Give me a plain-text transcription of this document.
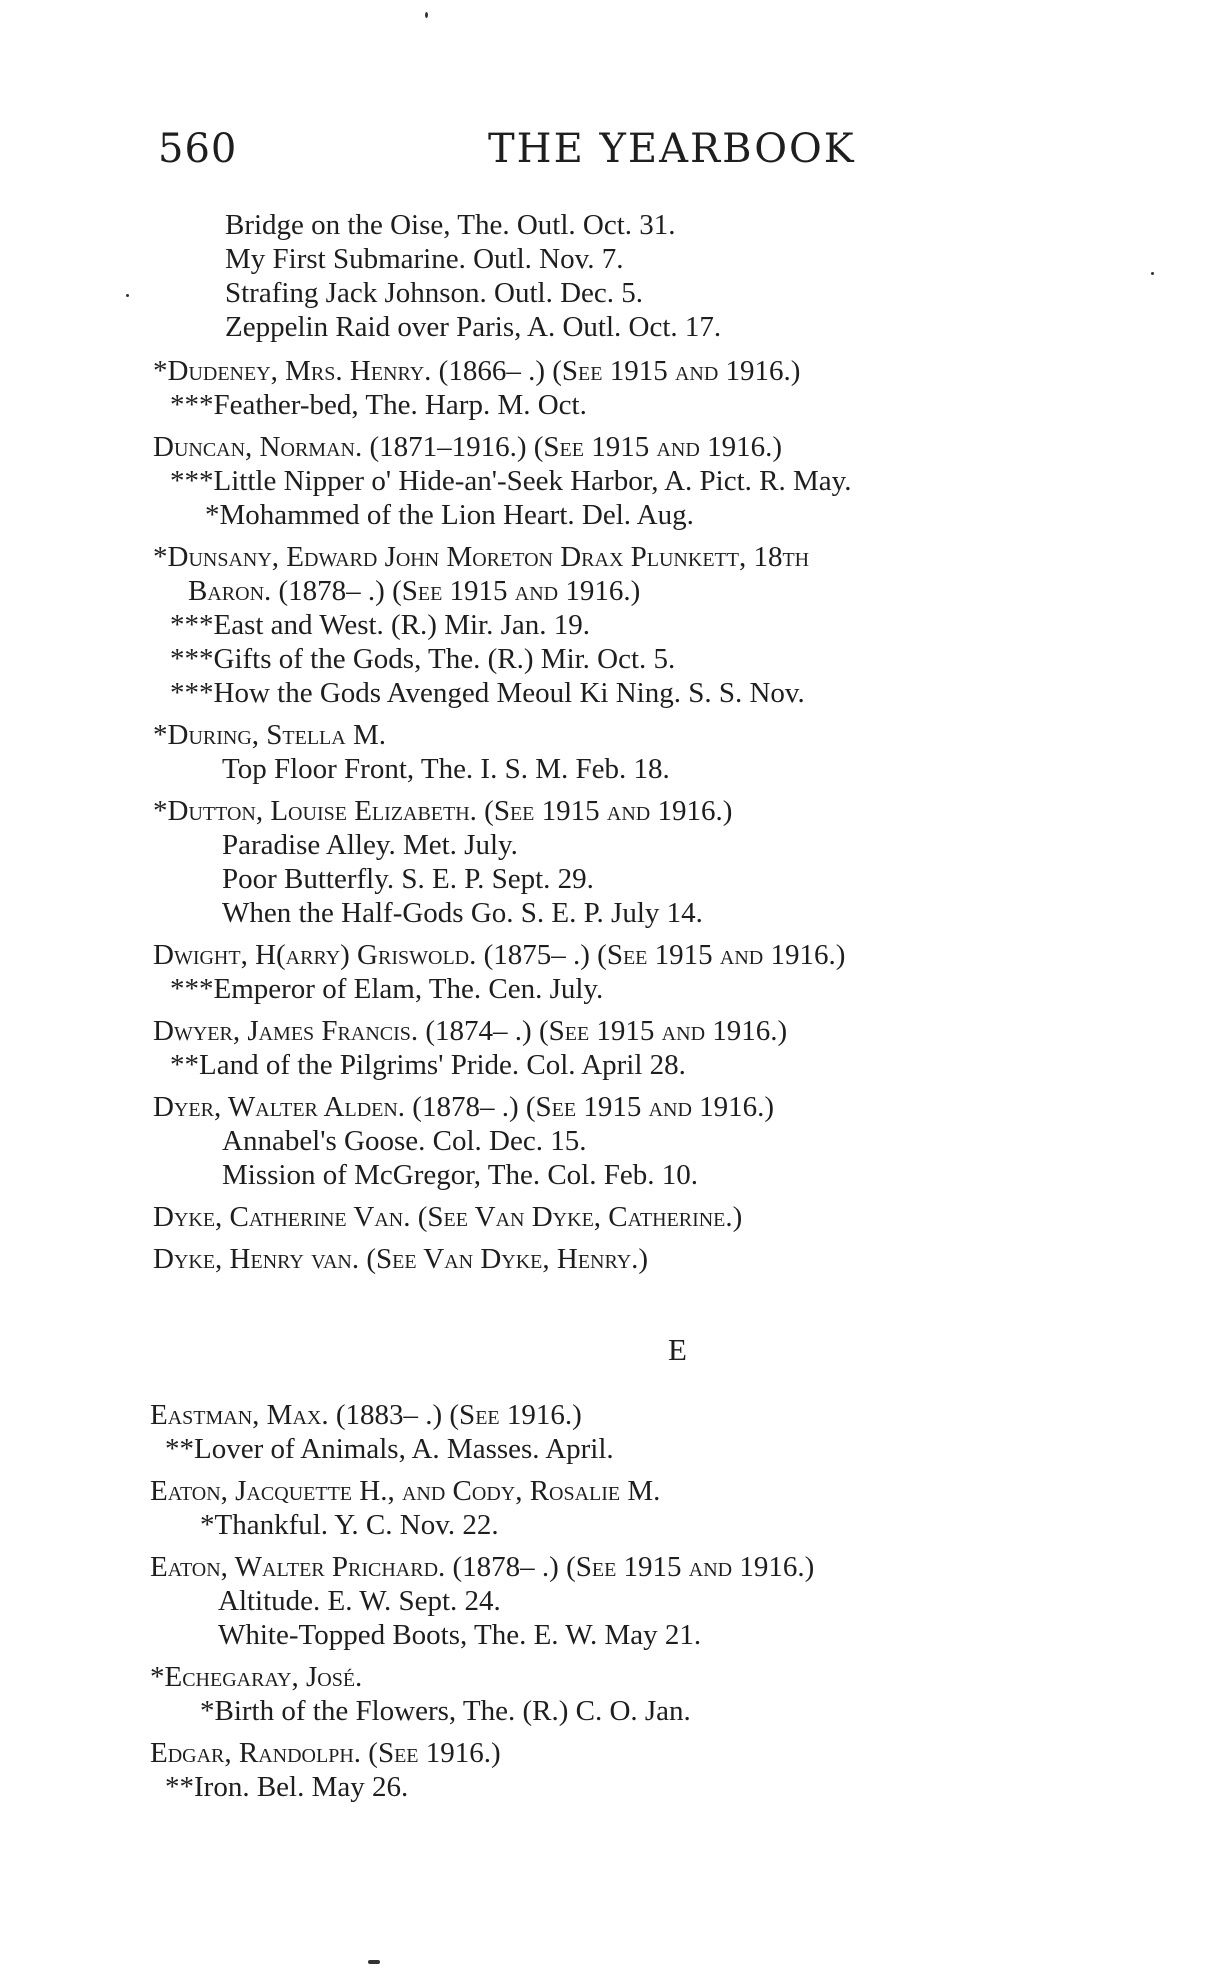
560	THE YEARBOOK
Bridge on the Oise, The. Outl. Oct. 31.
My First Submarine. Outl. Nov. 7.
Strafing Jack Johnson. Outl. Dec. 5.
Zeppelin Raid over Paris, A. Outl. Oct. 17.
*Dudeney, Mrs. Henry. (1866– .) (See 1915 and 1916.)
***Feather-bed, The. Harp. M. Oct.
Duncan, Norman. (1871–1916.) (See 1915 and 1916.)
***Little Nipper o' Hide-an'-Seek Harbor, A. Pict. R. May.
*Mohammed of the Lion Heart. Del. Aug.
*Dunsany, Edward John Moreton Drax Plunkett, 18th
Baron. (1878– .) (See 1915 and 1916.)
***East and West. (R.) Mir. Jan. 19.
***Gifts of the Gods, The. (R.) Mir. Oct. 5.
***How the Gods Avenged Meoul Ki Ning. S. S. Nov.
*During, Stella M.
Top Floor Front, The. I. S. M. Feb. 18.
*Dutton, Louise Elizabeth. (See 1915 and 1916.)
Paradise Alley. Met. July.
Poor Butterfly. S. E. P. Sept. 29.
When the Half-Gods Go. S. E. P. July 14.
Dwight, H(arry) Griswold. (1875– .) (See 1915 and 1916.)
***Emperor of Elam, The. Cen. July.
Dwyer, James Francis. (1874– .) (See 1915 and 1916.)
**Land of the Pilgrims' Pride. Col. April 28.
Dyer, Walter Alden. (1878– .) (See 1915 and 1916.)
Annabel's Goose. Col. Dec. 15.
Mission of McGregor, The. Col. Feb. 10.
Dyke, Catherine Van. (See Van Dyke, Catherine.)
Dyke, Henry van. (See Van Dyke, Henry.)
E
Eastman, Max. (1883– .) (See 1916.)
**Lover of Animals, A. Masses. April.
Eaton, Jacquette H., and Cody, Rosalie M.
*Thankful. Y. C. Nov. 22.
Eaton, Walter Prichard. (1878– .) (See 1915 and 1916.)
Altitude. E. W. Sept. 24.
White-Topped Boots, The. E. W. May 21.
*Echegaray, José.
*Birth of the Flowers, The. (R.) C. O. Jan.
Edgar, Randolph. (See 1916.)
**Iron. Bel. May 26.
